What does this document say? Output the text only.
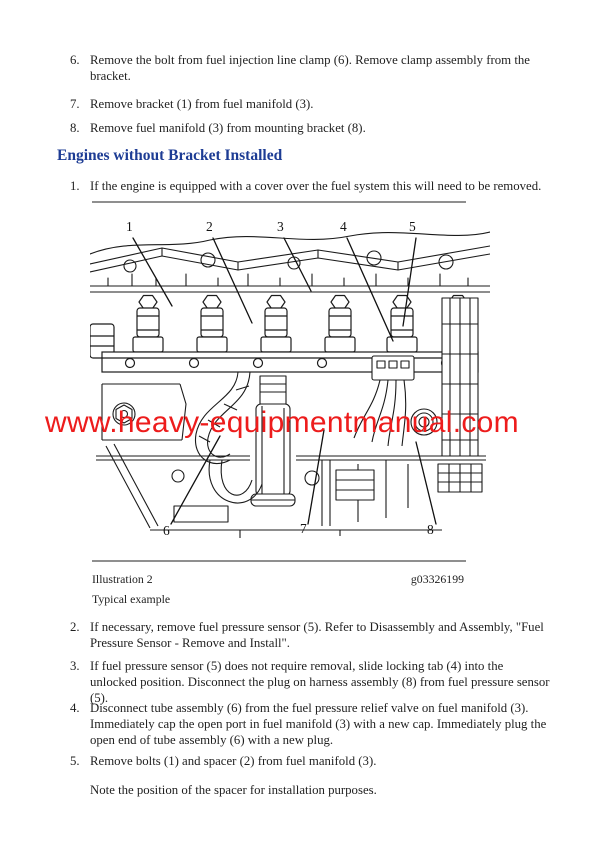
6. Remove the bolt from fuel injection line clamp (6). Remove clamp assembly from the bracket.
7. Remove bracket (1) from fuel manifold (3).
8. Remove fuel manifold (3) from mounting bracket (8).
Engines without Bracket Installed
1. If the engine is equipped with a cover over the fuel system this will need to be removed.
1	2	3	4	5
6	7	8
www.heavy-equipmentmanual.com
Illustration 2	g03326199
Typical example
2. If necessary, remove fuel pressure sensor (5). Refer to Disassembly and Assembly, "Fuel Pressure Sensor - Remove and Install".
3. If fuel pressure sensor (5) does not require removal, slide locking tab (4) into the unlocked position. Disconnect the plug on harness assembly (8) from fuel pressure sensor (5).
4. Disconnect tube assembly (6) from the fuel pressure relief valve on fuel manifold (3). Immediately cap the open port in fuel manifold (3) with a new cap. Immediately plug the open end of tube assembly (6) with a new plug.
5. Remove bolts (1) and spacer (2) from fuel manifold (3).
Note the position of the spacer for installation purposes.
